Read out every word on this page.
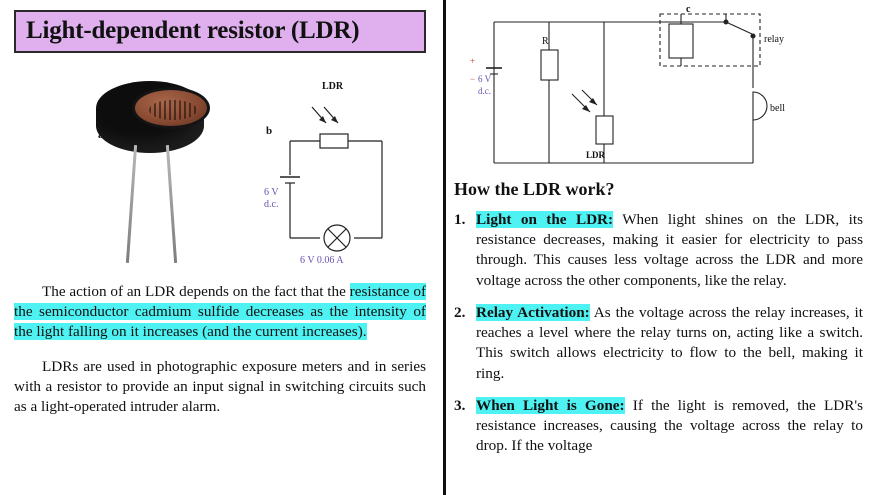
Light-dependent resistor (LDR)
b
LDR
6 V
d.c.
6 V 0.06 A

The action of an LDR depends on the fact that the resistance of the semiconductor cadmium sulfide decreases as the intensity of the light falling on it increases (and the current increases).

LDRs are used in photographic exposure meters and in series with a resistor to provide an input signal in switching circuits such as a light-operated intruder alarm.

c
R
LDR
relay
bell
+
− 6 V
d.c.
How the LDR work?
Light on the LDR: When light shines on the LDR, its resistance decreases, making it easier for electricity to pass through. This causes less voltage across the LDR and more voltage across the other components, like the relay.
Relay Activation: As the voltage across the relay increases, it reaches a level where the relay turns on, acting like a switch. This switch allows electricity to flow to the bell, making it ring.
When Light is Gone: If the light is removed, the LDR's resistance increases, causing the voltage across the relay to drop. If the voltage
